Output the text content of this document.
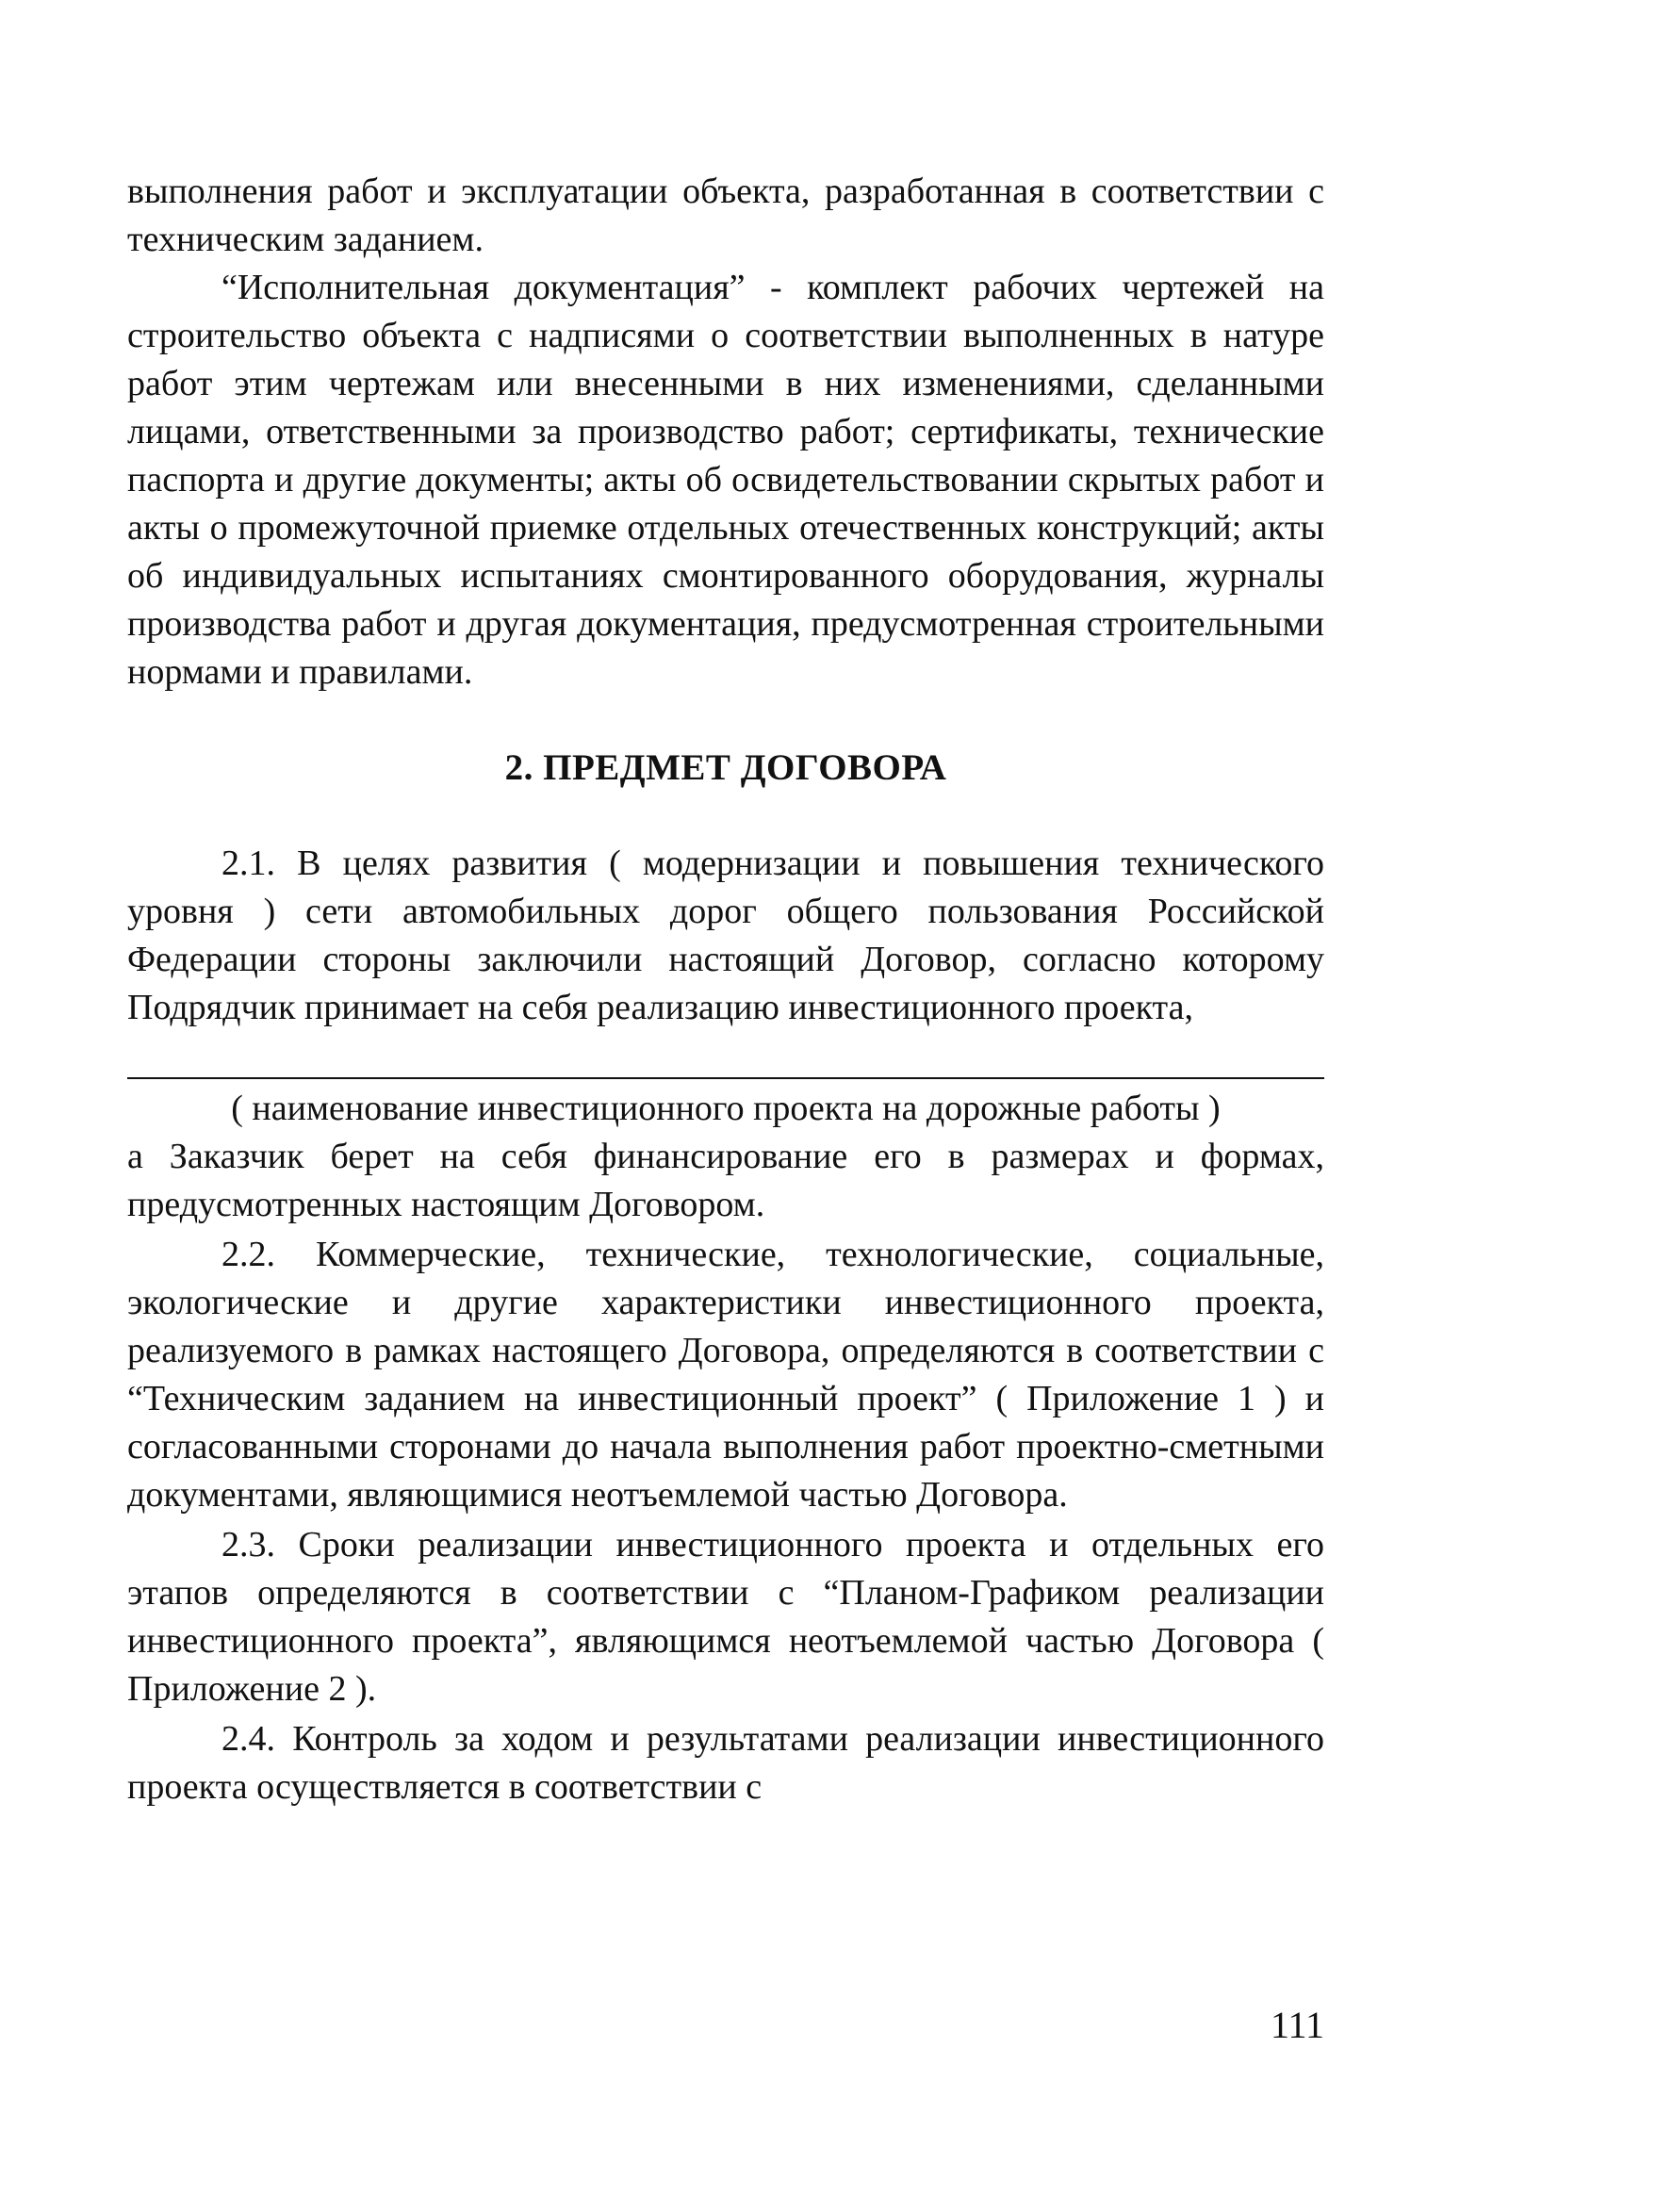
выполнения работ и эксплуатации объекта, разработанная в соответствии с техническим заданием.

“Исполнительная документация” - комплект рабочих чертежей на строительство объекта с надписями о соответствии выполненных в натуре работ этим чертежам или внесенными в них изменениями, сделанными лицами, ответственными за производство работ; сертификаты, технические паспорта и другие документы; акты об освидетельствовании скрытых работ и акты о промежуточной приемке отдельных отечественных конструкций; акты об индивидуальных испытаниях смонтированного оборудования, журналы производства работ и другая документация, предусмотренная строительными нормами и правилами.

2. ПРЕДМЕТ ДОГОВОРА

2.1. В целях развития ( модернизации и повышения технического уровня ) сети автомобильных дорог общего пользования Российской Федерации стороны заключили настоящий Договор, согласно которому Подрядчик принимает на себя реализацию инвестиционного проекта,

( наименование инвестиционного проекта на дорожные работы )

а Заказчик берет на себя финансирование его в размерах и формах, предусмотренных настоящим Договором.

2.2. Коммерческие, технические, технологические, социальные, экологические и другие характеристики инвестиционного проекта, реализуемого в рамках настоящего Договора, определяются в соответствии с “Техническим заданием на инвестиционный проект” ( Приложение 1 ) и согласованными сторонами до начала выполнения работ проектно-сметными документами, являющимися неотъемлемой частью Договора.

2.3. Сроки реализации инвестиционного проекта и отдельных его этапов определяются в соответствии с “Планом-Графиком реализации инвестиционного проекта”, являющимся неотъемлемой частью Договора ( Приложение 2 ).

2.4. Контроль за ходом и результатами реализации инвестиционного проекта осуществляется в соответствии с

111
